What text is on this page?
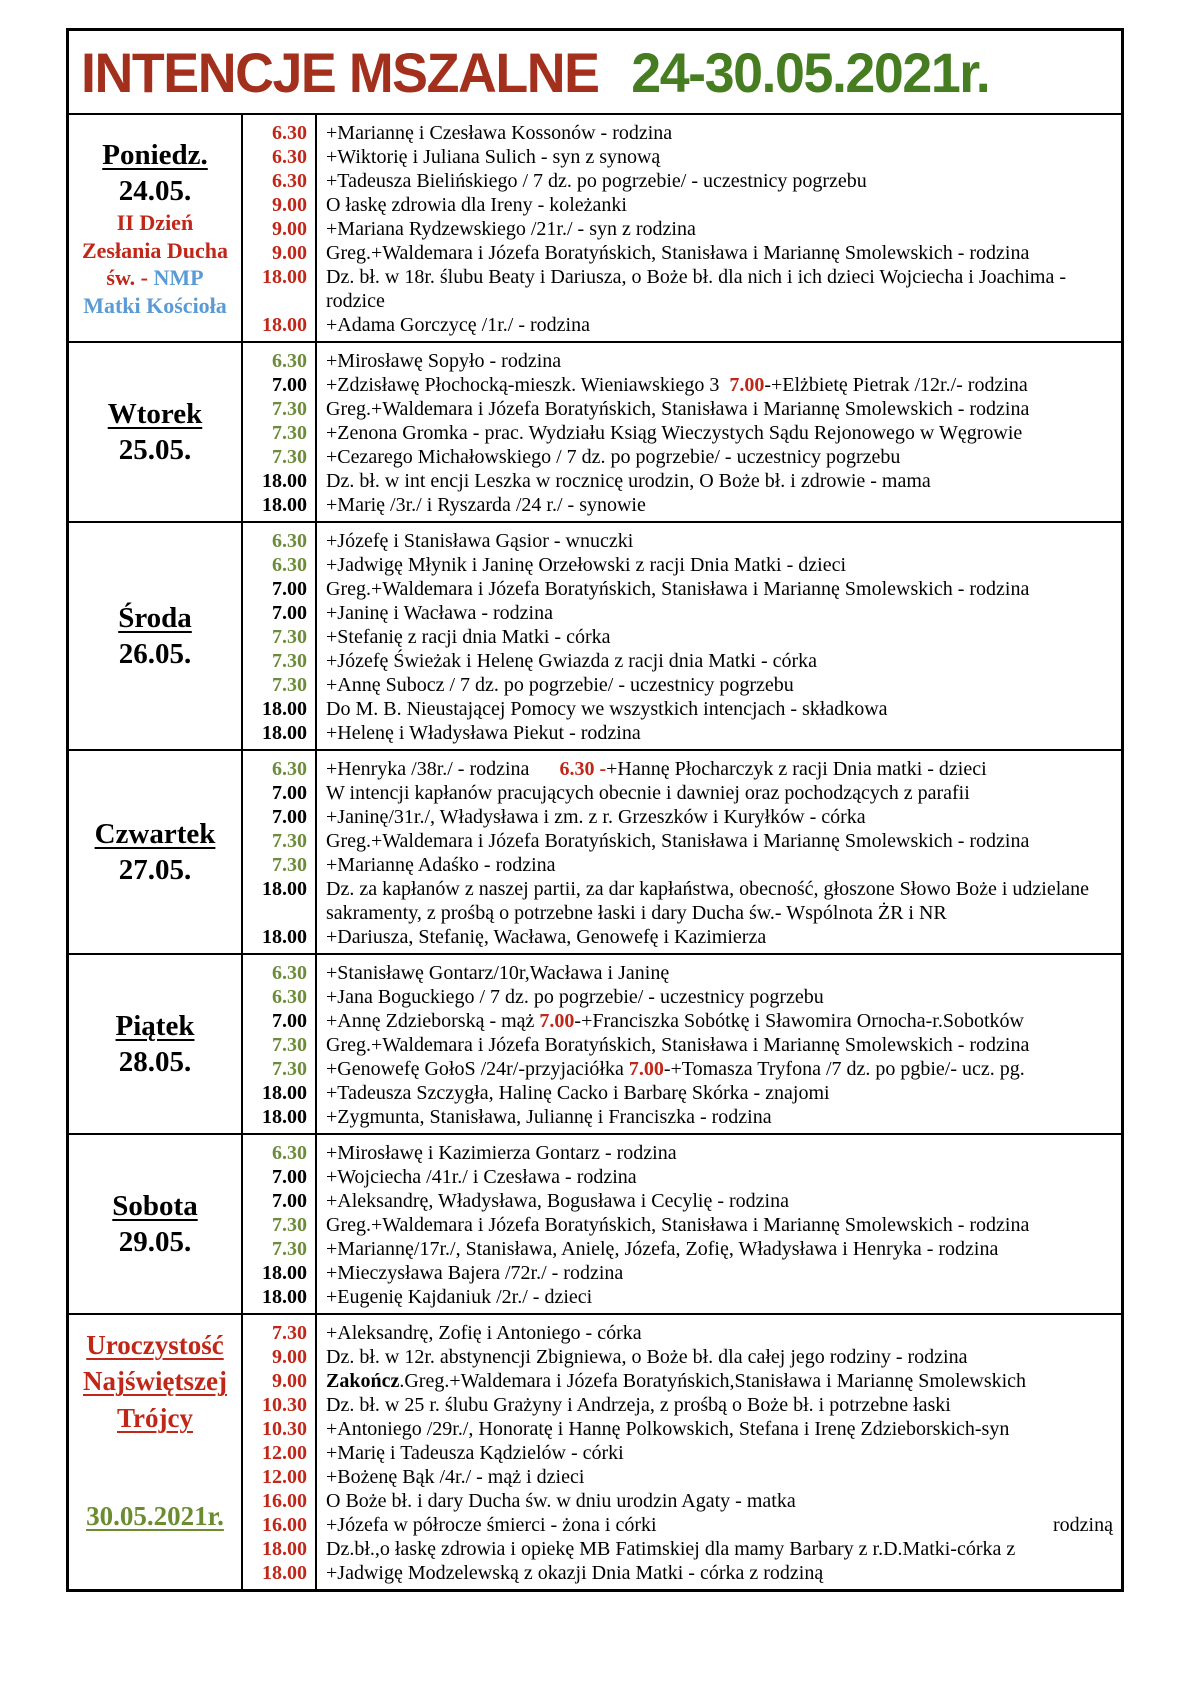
INTENCJE MSZALNE 24-30.05.2021r.
Poniedz.
24.05.
II Dzień
Zesłania Ducha
św. - NMP
Matki Kościoła
6.30 +Mariannę i Czesława Kossonów - rodzina
6.30 +Wiktorię i Juliana Sulich - syn z synową
6.30 +Tadeusza Bielińskiego / 7 dz. po pogrzebie/ - uczestnicy pogrzebu
9.00 O łaskę zdrowia dla Ireny - koleżanki
9.00 +Mariana Rydzewskiego /21r./ - syn z rodzina
9.00 Greg.+Waldemara i Józefa Boratyńskich, Stanisława i Mariannę Smolewskich - rodzina
18.00 Dz. bł. w 18r. ślubu Beaty i Dariusza, o Boże bł. dla nich i ich dzieci Wojciecha i Joachima - rodzice
18.00 +Adama Gorczycę /1r./ - rodzina
Wtorek
25.05.
6.30 +Mirosławę Sopyło - rodzina
7.00 +Zdzisławę Płochocką-mieszk. Wieniawskiego 3  7.00-+Elżbietę Pietrak /12r./- rodzina
7.30 Greg.+Waldemara i Józefa Boratyńskich, Stanisława i Mariannę Smolewskich - rodzina
7.30 +Zenona Gromka - prac. Wydziału Ksiąg Wieczystych Sądu Rejonowego w Węgrowie
7.30 +Cezarego Michałowskiego / 7 dz. po pogrzebie/ - uczestnicy pogrzebu
18.00 Dz. bł. w int encji Leszka w rocznicę urodzin, O Boże bł. i zdrowie - mama
18.00 +Marię /3r./ i Ryszarda /24 r./ - synowie
Środa
26.05.
6.30 +Józefę i Stanisława Gąsior - wnuczki
6.30 +Jadwigę Młynik i Janinę Orzełowski z racji Dnia Matki - dzieci
7.00 Greg.+Waldemara i Józefa Boratyńskich, Stanisława i Mariannę Smolewskich - rodzina
7.00 +Janinę i Wacława - rodzina
7.30 +Stefanię z racji dnia Matki - córka
7.30 +Józefę Świeżak i Helenę Gwiazda z racji dnia Matki - córka
7.30 +Annę Subocz / 7 dz. po pogrzebie/ - uczestnicy pogrzebu
18.00 Do M. B. Nieustającej Pomocy we wszystkich intencjach - składkowa
18.00 +Helenę i Władysława Piekut - rodzina
Czwartek
27.05.
6.30 +Henryka /38r./ - rodzina      6.30 -+Hannę Płocharczyk z racji Dnia matki - dzieci
7.00 W intencji kapłanów pracujących obecnie i dawniej oraz pochodzących z parafii
7.00 +Janinę/31r./, Władysława i zm. z r. Grzeszków i Kuryłków - córka
7.30 Greg.+Waldemara i Józefa Boratyńskich, Stanisława i Mariannę Smolewskich - rodzina
7.30 +Mariannę Adaśko - rodzina
18.00 Dz. za kapłanów z naszej partii, za dar kapłaństwa, obecność, głoszone Słowo Boże i udzielane sakramenty, z prośbą o potrzebne łaski i dary Ducha św.- Wspólnota ŻR i NR
18.00 +Dariusza, Stefanię, Wacława, Genowefę i Kazimierza
Piątek
28.05.
6.30 +Stanisławę Gontarz/10r,Wacława i Janinę
6.30 +Jana Boguckiego / 7 dz. po pogrzebie/ - uczestnicy pogrzebu
7.00 +Annę Zdzieborską - mąż 7.00-+Franciszka Sobótkę i Sławomira Ornocha-r.Sobotków
7.30 Greg.+Waldemara i Józefa Boratyńskich, Stanisława i Mariannę Smolewskich - rodzina
7.30 +Genowefę GołoS /24r/-przyjaciółka 7.00-+Tomasza Tryfona /7 dz. po pgbie/- ucz. pg.
18.00 +Tadeusza Szczygła, Halinę Cacko i Barbarę Skórka - znajomi
18.00 +Zygmunta, Stanisława, Juliannę i Franciszka - rodzina
Sobota
29.05.
6.30 +Mirosławę i Kazimierza Gontarz - rodzina
7.00 +Wojciecha /41r./ i Czesława - rodzina
7.00 +Aleksandrę, Władysława, Bogusława i Cecylię - rodzina
7.30 Greg.+Waldemara i Józefa Boratyńskich, Stanisława i Mariannę Smolewskich - rodzina
7.30 +Mariannę/17r./, Stanisława, Anielę, Józefa, Zofię, Władysława i Henryka - rodzina
18.00 +Mieczysława Bajera /72r./ - rodzina
18.00 +Eugenię Kajdaniuk /2r./ - dzieci
Uroczystość
Najświętszej
Trójcy
30.05.2021r.
7.30 +Aleksandrę, Zofię i Antoniego - córka
9.00 Dz. bł. w 12r. abstynencji Zbigniewa, o Boże bł. dla całej jego rodziny - rodzina
9.00 Zakończ.Greg.+Waldemara i Józefa Boratyńskich,Stanisława i Mariannę Smolewskich
10.30 Dz. bł. w 25 r. ślubu Grażyny i Andrzeja, z prośbą o Boże bł. i potrzebne łaski
10.30 +Antoniego /29r./, Honoratę i Hannę Polkowskich, Stefana i Irenę Zdzieborskich-syn
12.00 +Marię i Tadeusza Kądzielów - córki
12.00 +Bożenę Bąk /4r./ - mąż i dzieci
16.00 O Boże bł. i dary Ducha św. w dniu urodzin Agaty - matka
16.00 +Józefa w półrocze śmierci - żona i córki	rodziną
18.00 Dz.bł.,o łaskę zdrowia i opiekę MB Fatimskiej dla mamy Barbary z r.D.Matki-córka z
18.00 +Jadwigę Modzelewską z okazji Dnia Matki - córka z rodziną
